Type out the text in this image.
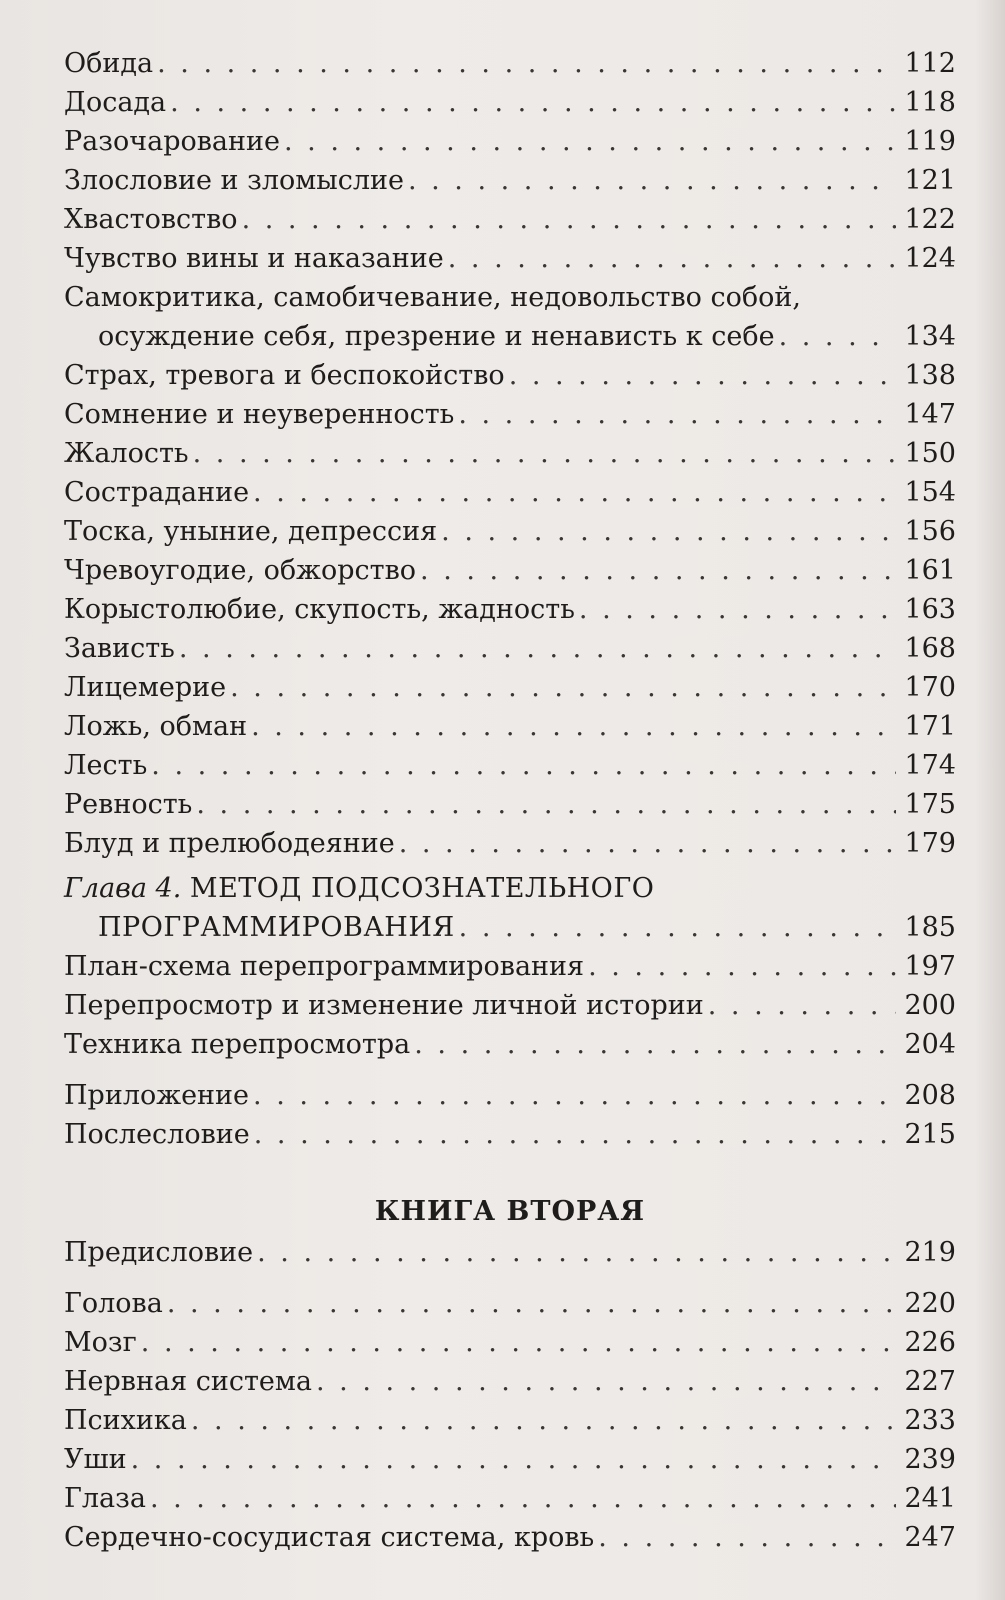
Обида . . .	112
Досада . . .	118
Разочарование . . .	119
Злословие и зломыслие . . .	121
Хвастовство . . .	122
Чувство вины и наказание . . .	124
Самокритика, самобичевание, недовольство собой,
осуждение себя, презрение и ненависть к себе . . .	134
Страх, тревога и беспокойство . . .	138
Сомнение и неуверенность . . .	147
Жалость . . .	150
Сострадание . . .	154
Тоска, уныние, депрессия . . .	156
Чревоугодие, обжорство . . .	161
Корыстолюбие, скупость, жадность . . .	163
Зависть . . .	168
Лицемерие . . .	170
Ложь, обман . . .	171
Лесть . . .	174
Ревность . . .	175
Блуд и прелюбодеяние . . .	179
Глава 4. МЕТОД ПОДСОЗНАТЕЛЬНОГО
ПРОГРАММИРОВАНИЯ . . .	185
План-схема перепрограммирования . . .	197
Перепросмотр и изменение личной истории . . .	200
Техника перепросмотра . . .	204
Приложение . . .	208
Послесловие . . .	215
КНИГА ВТОРАЯ
Предисловие . . .	219
Голова . . .	220
Мозг . . .	226
Нервная система . . .	227
Психика . . .	233
Уши . . .	239
Глаза . . .	241
Сердечно-сосудистая система, кровь . . .	247
